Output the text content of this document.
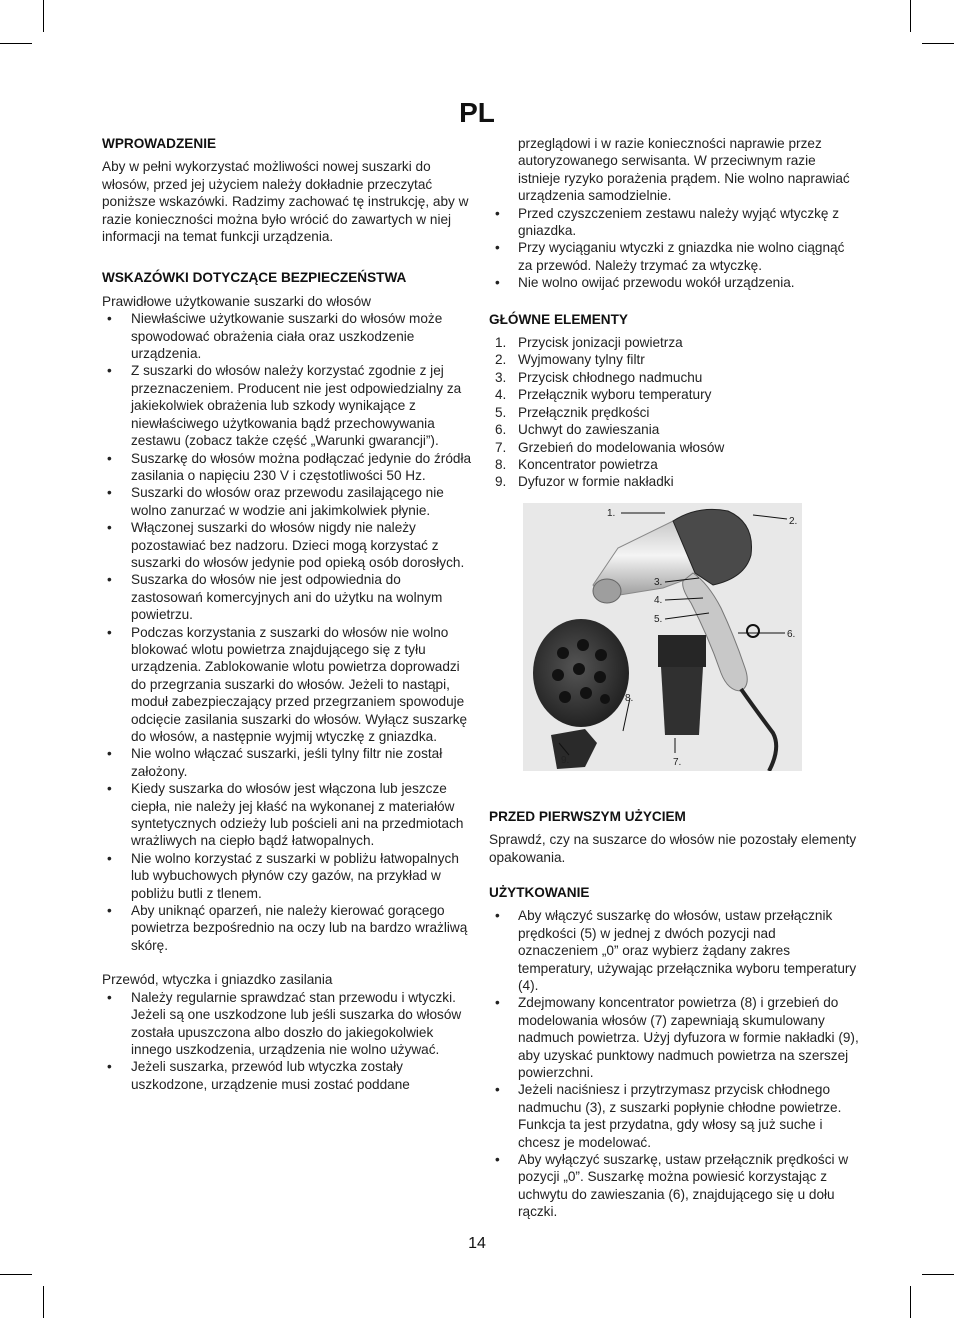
PL
WPROWADZENIE

Aby w pełni wykorzystać możliwości nowej suszarki do włosów, przed jej użyciem należy dokładnie przeczytać poniższe wskazówki. Radzimy zachować tę instrukcję, aby w razie konieczności można było wrócić do zawartych w niej informacji na temat funkcji urządzenia.

WSKAZÓWKI DOTYCZĄCE BEZPIECZEŃSTWA

Prawidłowe użytkowanie suszarki do włosów

• Niewłaściwe użytkowanie suszarki do włosów może spowodować obrażenia ciała oraz uszkodzenie urządzenia.
• Z suszarki do włosów należy korzystać zgodnie z jej przeznaczeniem. Producent nie jest odpowiedzialny za jakiekolwiek obrażenia lub szkody wynikające z niewłaściwego użytkowania bądź przechowywania zestawu (zobacz także część „Warunki gwarancji”).
• Suszarkę do włosów można podłączać jedynie do źródła zasilania o napięciu 230 V i częstotliwości 50 Hz.
• Suszarki do włosów oraz przewodu zasilającego nie wolno zanurzać w wodzie ani jakimkolwiek płynie.
• Włączonej suszarki do włosów nigdy nie należy pozostawiać bez nadzoru. Dzieci mogą korzystać z suszarki do włosów jedynie pod opieką osób dorosłych.
• Suszarka do włosów nie jest odpowiednia do zastosowań komercyjnych ani do użytku na wolnym powietrzu.
• Podczas korzystania z suszarki do włosów nie wolno blokować wlotu powietrza znajdującego się z tyłu urządzenia. Zablokowanie wlotu powietrza doprowadzi do przegrzania suszarki do włosów. Jeżeli to nastąpi, moduł zabezpieczający przed przegrzaniem spowoduje odcięcie zasilania suszarki do włosów. Wyłącz suszarkę do włosów, a następnie wyjmij wtyczkę z gniazdka.
• Nie wolno włączać suszarki, jeśli tylny filtr nie został założony.
• Kiedy suszarka do włosów jest włączona lub jeszcze ciepła, nie należy jej kłaść na wykonanej z materiałów syntetycznych odzieży lub pościeli ani na przedmiotach wrażliwych na ciepło bądź łatwopalnych.
• Nie wolno korzystać z suszarki w pobliżu łatwopalnych lub wybuchowych płynów czy gazów, na przykład w pobliżu butli z tlenem.
• Aby uniknąć oparzeń, nie należy kierować gorącego powietrza bezpośrednio na oczy lub na bardzo wrażliwą skórę.

Przewód, wtyczka i gniazdko zasilania

• Należy regularnie sprawdzać stan przewodu i wtyczki. Jeżeli są one uszkodzone lub jeśli suszarka do włosów została upuszczona albo doszło do jakiegokolwiek innego uszkodzenia, urządzenia nie wolno używać.
• Jeżeli suszarka, przewód lub wtyczka zostały uszkodzone, urządzenie musi zostać poddane
przeglądowi i w razie konieczności naprawie przez autoryzowanego serwisanta. W przeciwnym razie istnieje ryzyko porażenia prądem. Nie wolno naprawiać urządzenia samodzielnie.
• Przed czyszczeniem zestawu należy wyjąć wtyczkę z gniazdka.
• Przy wyciąganiu wtyczki z gniazdka nie wolno ciągnąć za przewód. Należy trzymać za wtyczkę.
• Nie wolno owijać przewodu wokół urządzenia.
GŁÓWNE ELEMENTY
1. Przycisk jonizacji powietrza
2. Wyjmowany tylny filtr
3. Przycisk chłodnego nadmuchu
4. Przełącznik wyboru temperatury
5. Przełącznik prędkości
6. Uchwyt do zawieszania
7. Grzebień do modelowania włosów
8. Koncentrator powietrza
9. Dyfuzor w formie nakładki
PRZED PIERWSZYM UŻYCIEM

Sprawdź, czy na suszarce do włosów nie pozostały elementy opakowania.

UŻYTKOWANIE
• Aby włączyć suszarkę do włosów, ustaw przełącznik prędkości (5) w jednej z dwóch pozycji nad oznaczeniem „0” oraz wybierz żądany zakres temperatury, używając przełącznika wyboru temperatury (4).
• Zdejmowany koncentrator powietrza (8) i grzebień do modelowania włosów (7) zapewniają skumulowany nadmuch powietrza. Użyj dyfuzora w formie nakładki (9), aby uzyskać punktowy nadmuch powietrza na szerszej powierzchni.
• Jeżeli naciśniesz i przytrzymasz przycisk chłodnego nadmuchu (3), z suszarki popłynie chłodne powietrze. Funkcja ta jest przydatna, gdy włosy są już suche i chcesz je modelować.
• Aby wyłączyć suszarkę, ustaw przełącznik prędkości w pozycji „0”. Suszarkę można powiesić korzystając z uchwytu do zawieszania (6), znajdującego się u dołu rączki.
1.
2.
3.
4.
5.
6.
7.
8.
9.
14
